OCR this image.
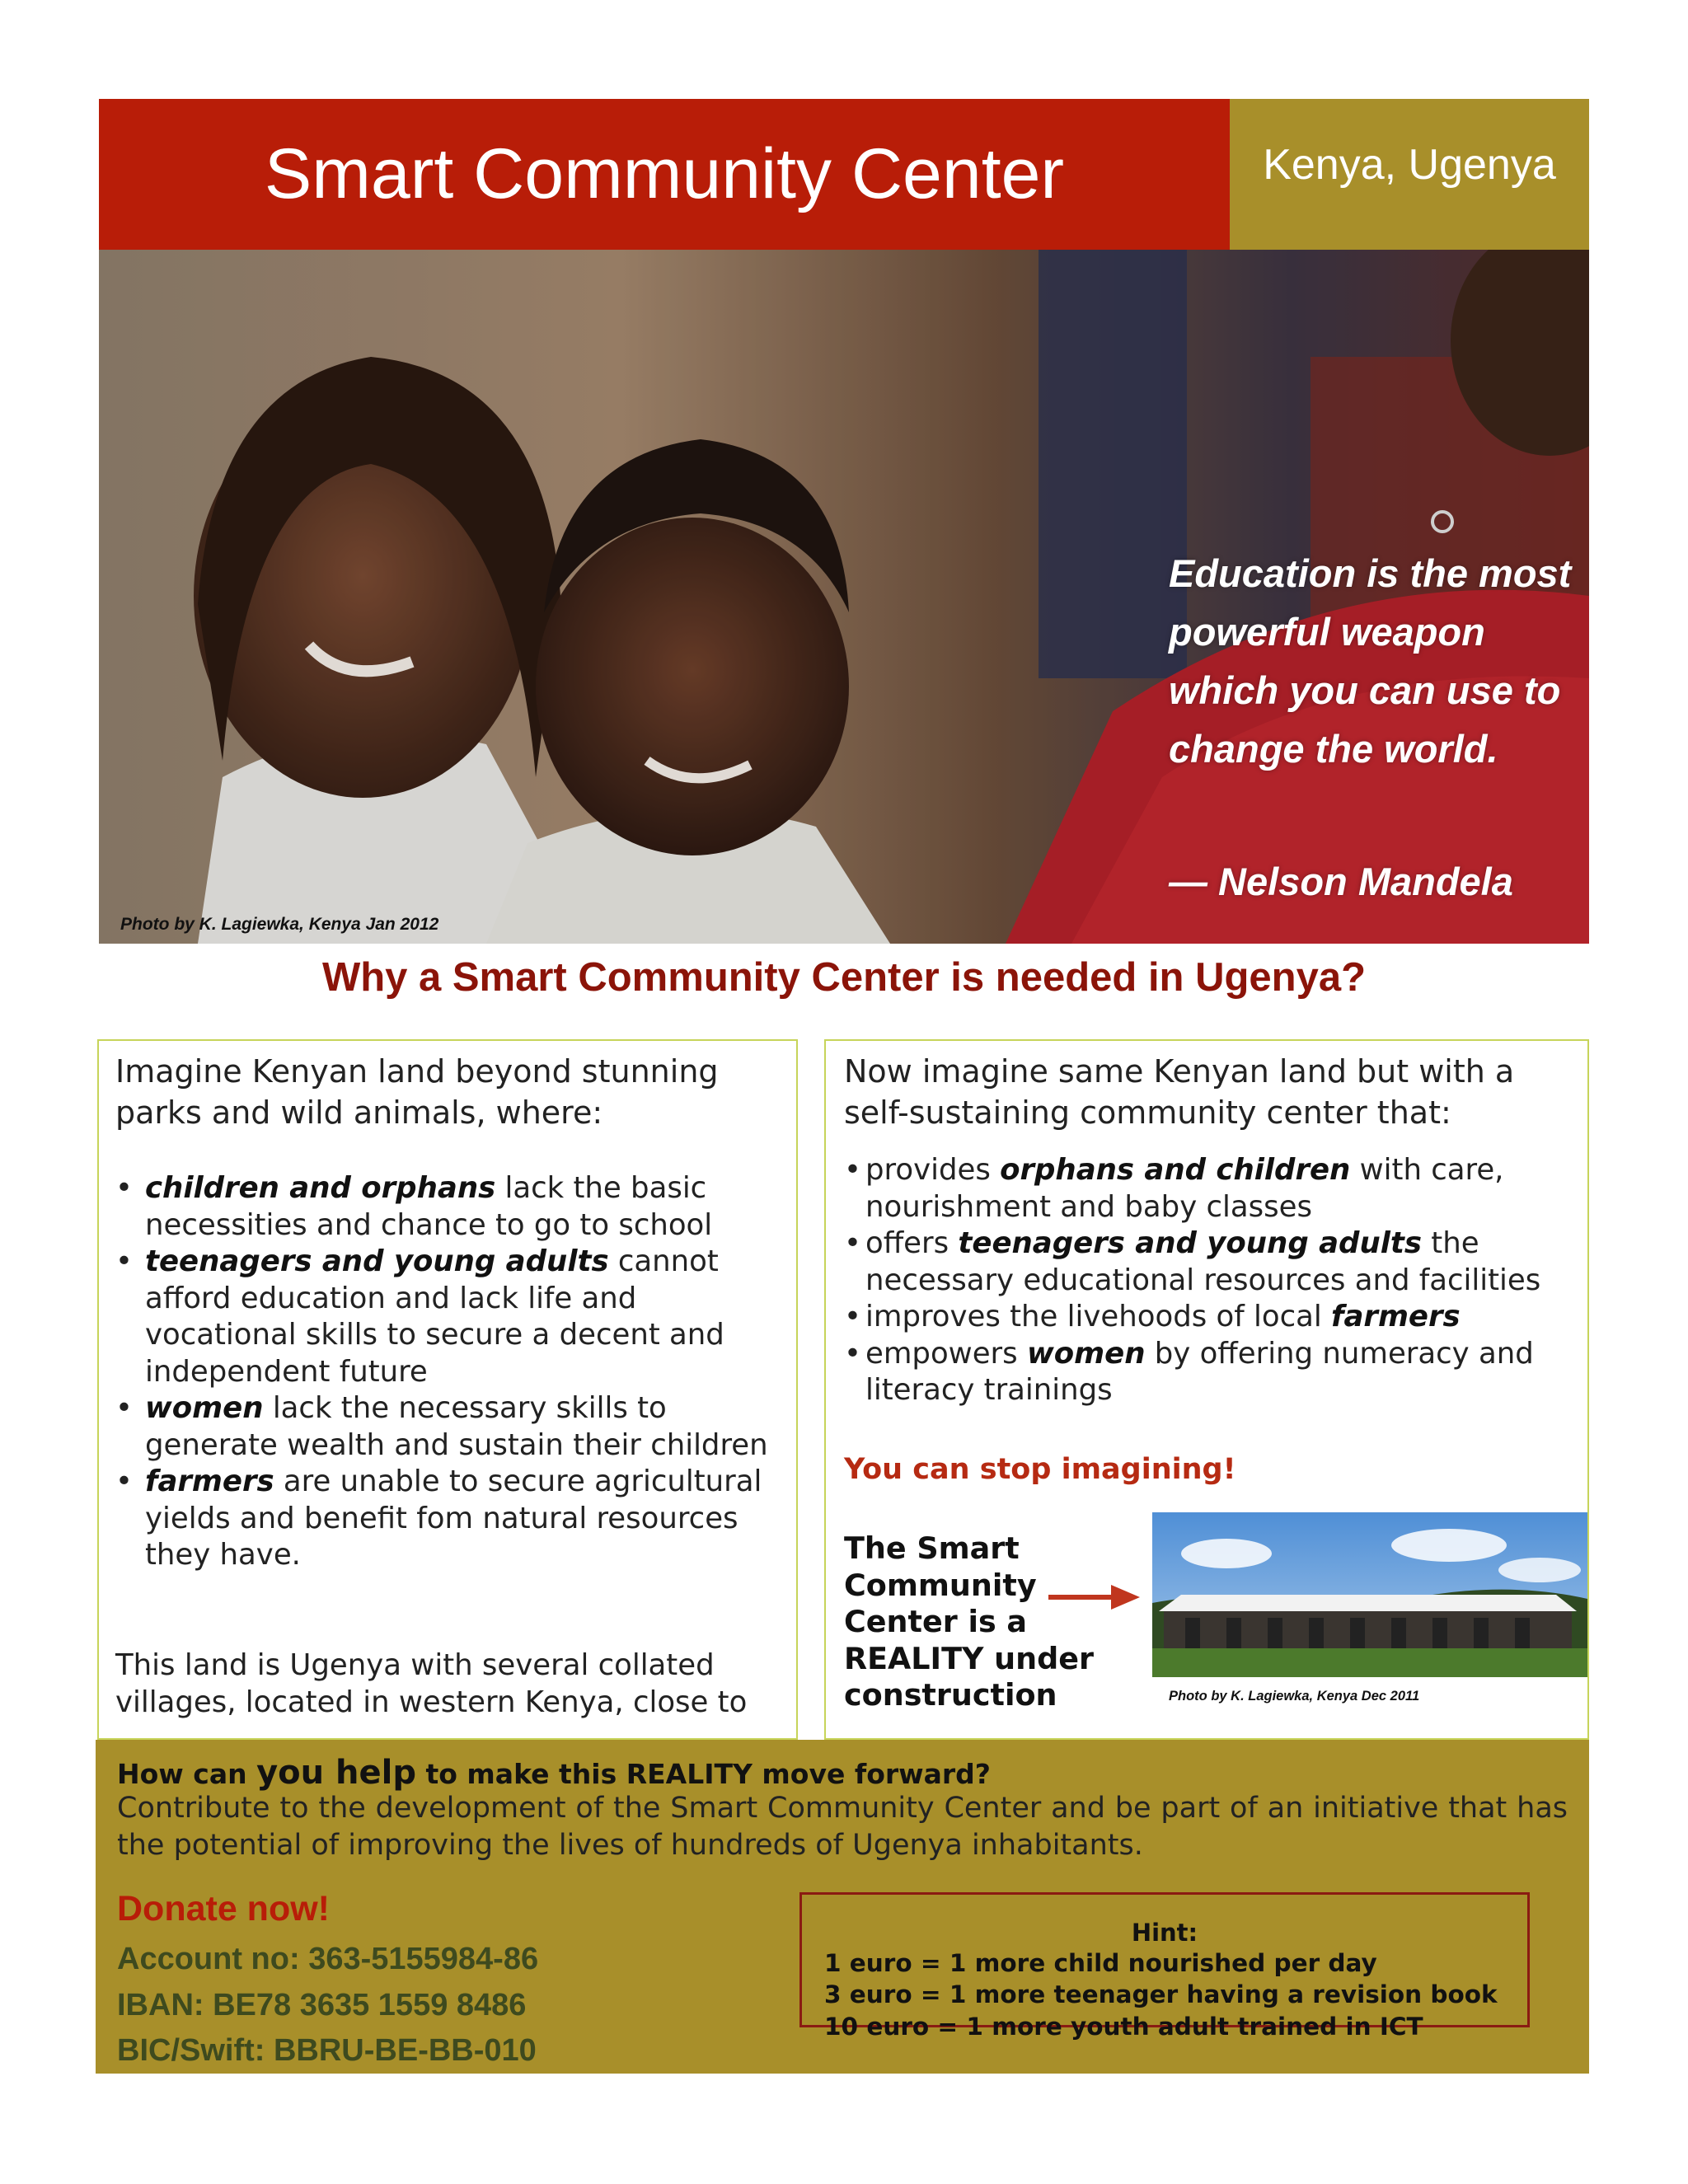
Smart Community Center	Kenya, Ugenya
Education is the most powerful weapon which you can use to change the world.
— Nelson Mandela
Photo by K. Lagiewka, Kenya Jan 2012
Why a Smart Community Center is needed in Ugenya?
Imagine Kenyan land beyond stunning parks and wild animals, where:
• children and orphans lack the basic necessities and chance to go to school
• teenagers and young adults cannot afford education and lack life and vocational skills to secure a decent and independent future
• women lack the necessary skills to generate wealth and sustain their children
• farmers are unable to secure agricultural yields and benefit fom natural resources they have.
This land is Ugenya with several collated villages, located in western Kenya, close to
Now imagine same Kenyan land but with a self-sustaining community center that:
• provides orphans and children with care, nourishment and baby classes
• offers teenagers and young adults the necessary educational resources and facilities
• improves the livehoods of local farmers
• empowers women by offering numeracy and literacy trainings
You can stop imagining!
The Smart Community Center is a REALITY under construction	Photo by K. Lagiewka, Kenya Dec 2011
How can you help to make this REALITY move forward?
Contribute to the development of the Smart Community Center and be part of an initiative that has the potential of improving the lives of hundreds of Ugenya inhabitants.
Donate now!
Account no: 363-5155984-86
IBAN: BE78 3635 1559 8486
BIC/Swift: BBRU-BE-BB-010
Hint:
1 euro = 1 more child nourished per day
3 euro = 1 more teenager having a revision book
10 euro = 1 more youth adult trained in ICT
